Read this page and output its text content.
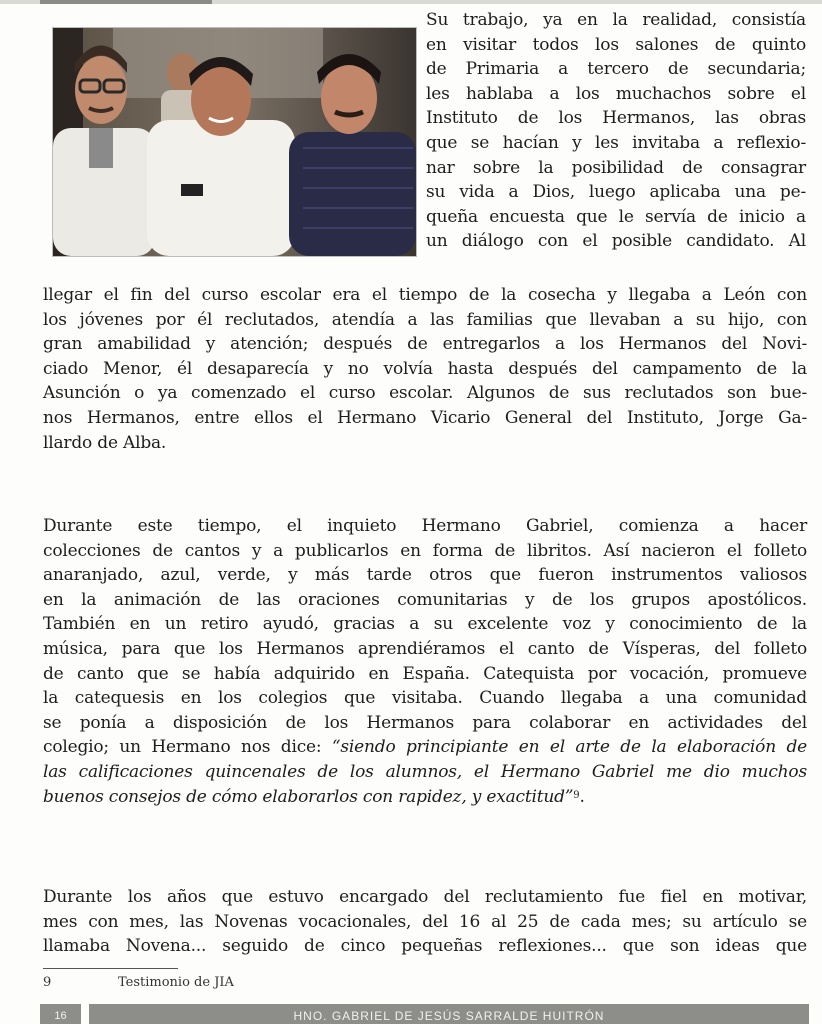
Su trabajo, ya en la realidad, consistía
en visitar todos los salones de quinto
de Primaria a tercero de secundaria;
les hablaba a los muchachos sobre el
Instituto de los Hermanos, las obras
que se hacían y les invitaba a reflexio-
nar sobre la posibilidad de consagrar
su vida a Dios, luego aplicaba una pe-
queña encuesta que le servía de inicio a
un diálogo con el posible candidato. Al
llegar el fin del curso escolar era el tiempo de la cosecha y llegaba a León con
los jóvenes por él reclutados, atendía a las familias que llevaban a su hijo, con
gran amabilidad y atención; después de entregarlos a los Hermanos del Novi-
ciado Menor, él desaparecía y no volvía hasta después del campamento de la
Asunción o ya comenzado el curso escolar. Algunos de sus reclutados son bue-
nos Hermanos, entre ellos el Hermano Vicario General del Instituto, Jorge Ga-
llardo de Alba.
Durante este tiempo, el inquieto Hermano Gabriel, comienza a hacer
colecciones de cantos y a publicarlos en forma de libritos. Así nacieron el folleto
anaranjado, azul, verde, y más tarde otros que fueron instrumentos valiosos
en la animación de las oraciones comunitarias y de los grupos apostólicos.
También en un retiro ayudó, gracias a su excelente voz y conocimiento de la
música, para que los Hermanos aprendiéramos el canto de Vísperas, del folleto
de canto que se había adquirido en España. Catequista por vocación, promueve
la catequesis en los colegios que visitaba. Cuando llegaba a una comunidad
se ponía a disposición de los Hermanos para colaborar en actividades del
colegio; un Hermano nos dice: “siendo principiante en el arte de la elaboración de
las calificaciones quincenales de los alumnos, el Hermano Gabriel me dio muchos
buenos consejos de cómo elaborarlos con rapidez, y exactitud”$^9$.
Durante los años que estuvo encargado del reclutamiento fue fiel en motivar,
mes con mes, las Novenas vocacionales, del 16 al 25 de cada mes; su artículo se
llamaba Novena... seguido de cinco pequeñas reflexiones... que son ideas que
9	Testimonio de JIA
16	HNO. GABRIEL DE JESÚS SARRALDE HUITRÓN
